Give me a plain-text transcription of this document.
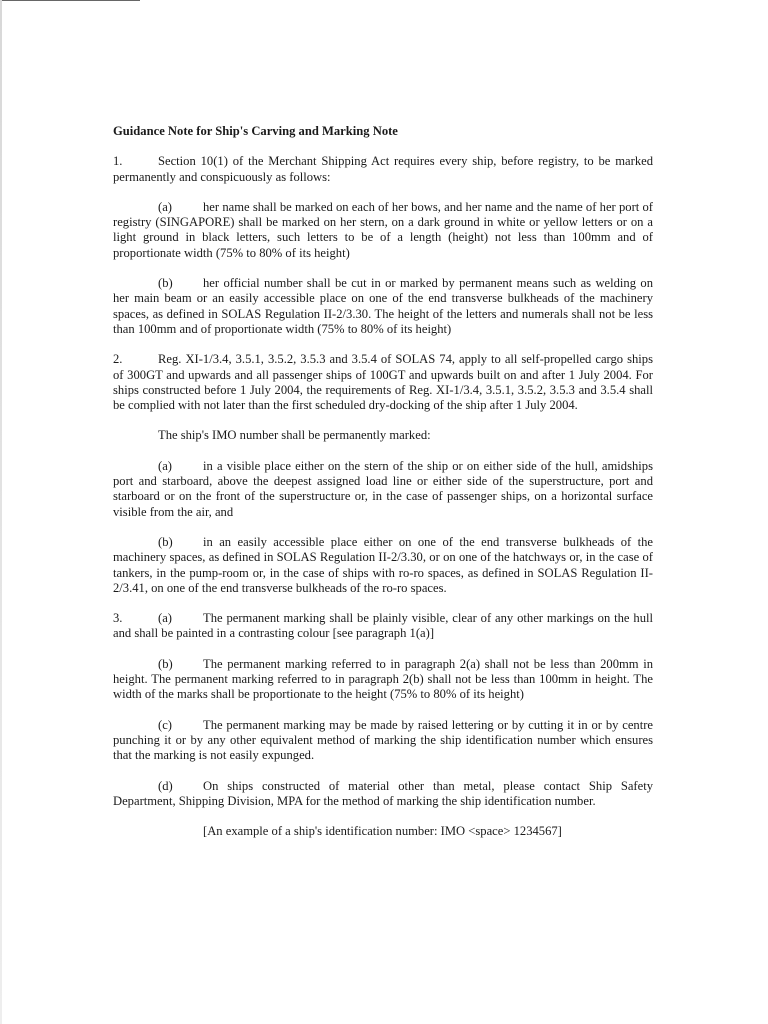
Guidance Note for Ship's Carving and Marking Note

1.	Section 10(1) of the Merchant Shipping Act requires every ship, before registry, to be marked permanently and conspicuously as follows:

(a) her name shall be marked on each of her bows, and her name and the name of her port of registry (SINGAPORE) shall be marked on her stern, on a dark ground in white or yellow letters or on a light ground in black letters, such letters to be of a length (height) not less than 100mm and of proportionate width (75% to 80% of its height)

(b) her official number shall be cut in or marked by permanent means such as welding on her main beam or an easily accessible place on one of the end transverse bulkheads of the machinery spaces, as defined in SOLAS Regulation II-2/3.30. The height of the letters and numerals shall not be less than 100mm and of proportionate width (75% to 80% of its height)

2.	Reg. XI-1/3.4, 3.5.1, 3.5.2, 3.5.3 and 3.5.4 of SOLAS 74, apply to all self-propelled cargo ships of 300GT and upwards and all passenger ships of 100GT and upwards built on and after 1 July 2004. For ships constructed before 1 July 2004, the requirements of Reg. XI-1/3.4, 3.5.1, 3.5.2, 3.5.3 and 3.5.4 shall be complied with not later than the first scheduled dry-docking of the ship after 1 July 2004.

The ship's IMO number shall be permanently marked:

(a) in a visible place either on the stern of the ship or on either side of the hull, amidships port and starboard, above the deepest assigned load line or either side of the superstructure, port and starboard or on the front of the superstructure or, in the case of passenger ships, on a horizontal surface visible from the air, and

(b) in an easily accessible place either on one of the end transverse bulkheads of the machinery spaces, as defined in SOLAS Regulation II-2/3.30, or on one of the hatchways or, in the case of tankers, in the pump-room or, in the case of ships with ro-ro spaces, as defined in SOLAS Regulation II-2/3.41, on one of the end transverse bulkheads of the ro-ro spaces.

3.	(a) The permanent marking shall be plainly visible, clear of any other markings on the hull and shall be painted in a contrasting colour [see paragraph 1(a)]

(b) The permanent marking referred to in paragraph 2(a) shall not be less than 200mm in height. The permanent marking referred to in paragraph 2(b) shall not be less than 100mm in height. The width of the marks shall be proportionate to the height (75% to 80% of its height)

(c) The permanent marking may be made by raised lettering or by cutting it in or by centre punching it or by any other equivalent method of marking the ship identification number which ensures that the marking is not easily expunged.

(d) On ships constructed of material other than metal, please contact Ship Safety Department, Shipping Division, MPA for the method of marking the ship identification number.

[An example of a ship's identification number: IMO <space> 1234567]
